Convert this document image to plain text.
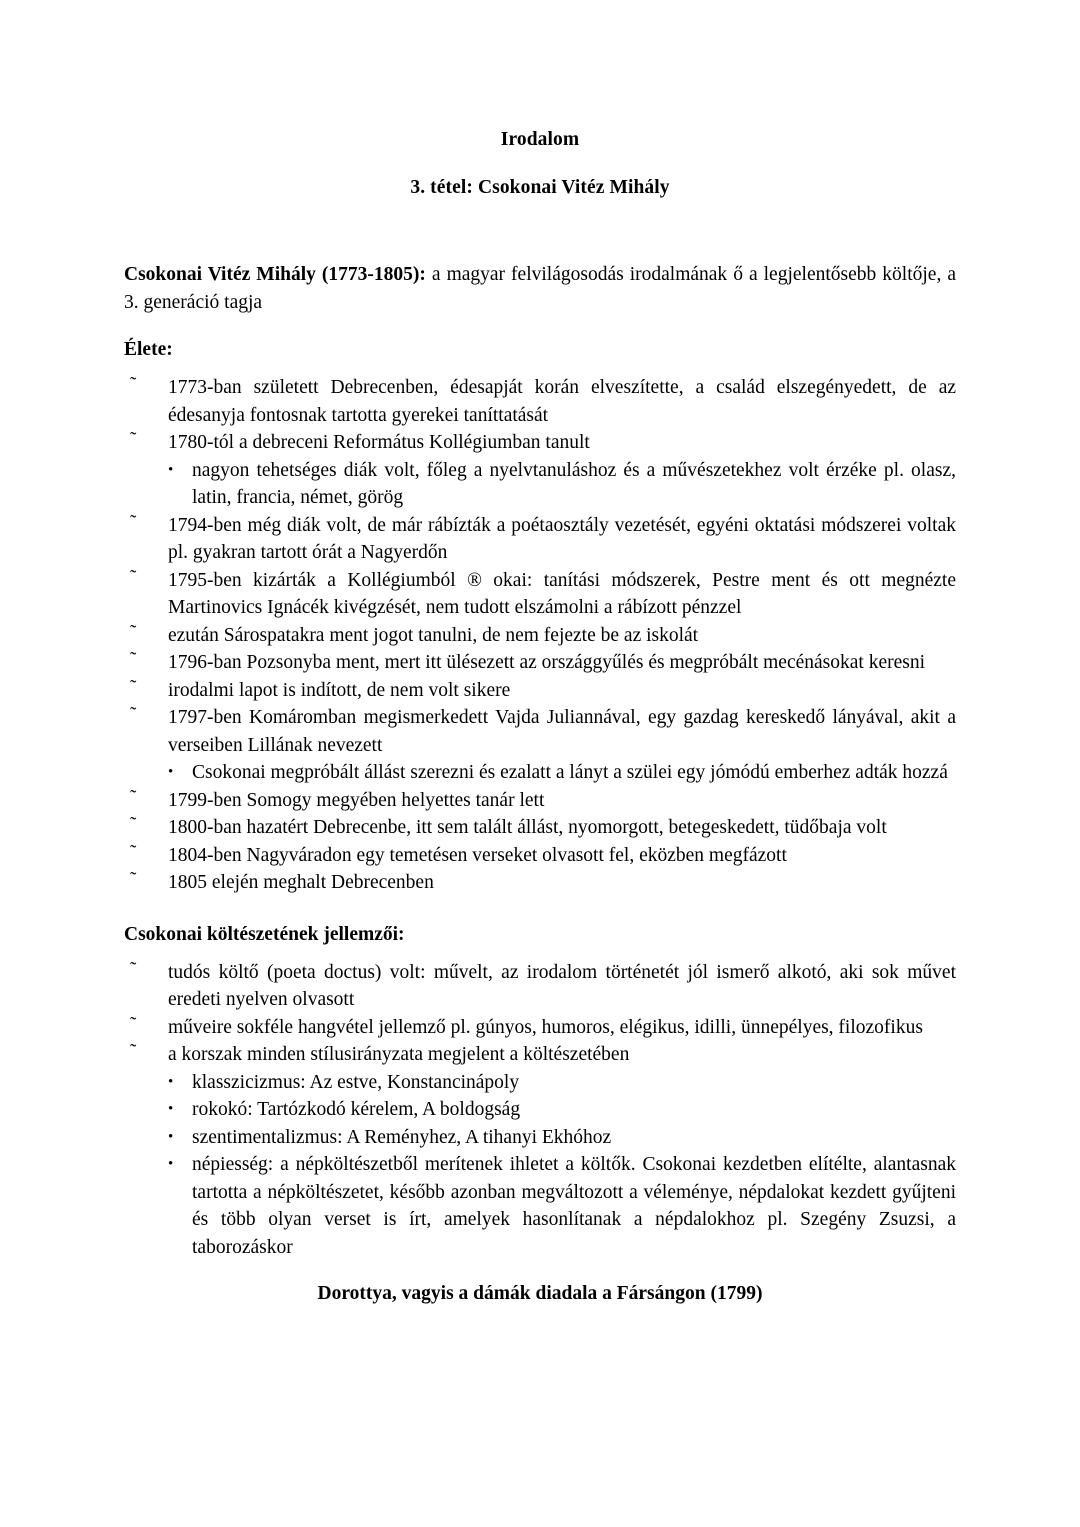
Irodalom
3. tétel: Csokonai Vitéz Mihály

Csokonai Vitéz Mihály (1773-1805): a magyar felvilágosodás irodalmának ő a legjelentősebb költője, a 3. generáció tagja

Élete:
˜ 1773-ban született Debrecenben, édesapját korán elveszítette, a család elszegényedett, de az édesanyja fontosnak tartotta gyerekei taníttatását
˜ 1780-tól a debreceni Református Kollégiumban tanult
• nagyon tehetséges diák volt, főleg a nyelvtanuláshoz és a művészetekhez volt érzéke pl. olasz, latin, francia, német, görög
˜ 1794-ben még diák volt, de már rábízták a poétaosztály vezetését, egyéni oktatási módszerei voltak pl. gyakran tartott órát a Nagyerdőn
˜ 1795-ben kizárták a Kollégiumból ® okai: tanítási módszerek, Pestre ment és ott megnézte Martinovics Ignácék kivégzését, nem tudott elszámolni a rábízott pénzzel
˜ ezután Sárospatakra ment jogot tanulni, de nem fejezte be az iskolát
˜ 1796-ban Pozsonyba ment, mert itt ülésezett az országgyűlés és megpróbált mecénásokat keresni
˜ irodalmi lapot is indított, de nem volt sikere
˜ 1797-ben Komáromban megismerkedett Vajda Juliannával, egy gazdag kereskedő lányával, akit a verseiben Lillának nevezett
• Csokonai megpróbált állást szerezni és ezalatt a lányt a szülei egy jómódú emberhez adták hozzá
˜ 1799-ben Somogy megyében helyettes tanár lett
˜ 1800-ban hazatért Debrecenbe, itt sem talált állást, nyomorgott, betegeskedett, tüdőbaja volt
˜ 1804-ben Nagyváradon egy temetésen verseket olvasott fel, eközben megfázott
˜ 1805 elején meghalt Debrecenben
Csokonai költészetének jellemzői:
˜ tudós költő (poeta doctus) volt: művelt, az irodalom történetét jól ismerő alkotó, aki sok művet eredeti nyelven olvasott
˜ műveire sokféle hangvétel jellemző pl. gúnyos, humoros, elégikus, idilli, ünnepélyes, filozofikus
˜ a korszak minden stílusirányzata megjelent a költészetében
• klasszicizmus: Az estve, Konstancinápoly
• rokokó: Tartózkodó kérelem, A boldogság
• szentimentalizmus: A Reményhez, A tihanyi Ekhóhoz
• népiesség: a népköltészetből merítenek ihletet a költők. Csokonai kezdetben elítélte, alantasnak tartotta a népköltészetet, később azonban megváltozott a véleménye, népdalokat kezdett gyűjteni és több olyan verset is írt, amelyek hasonlítanak a népdalokhoz pl. Szegény Zsuzsi, a taborozáskor
Dorottya, vagyis a dámák diadala a Fársángon (1799)
